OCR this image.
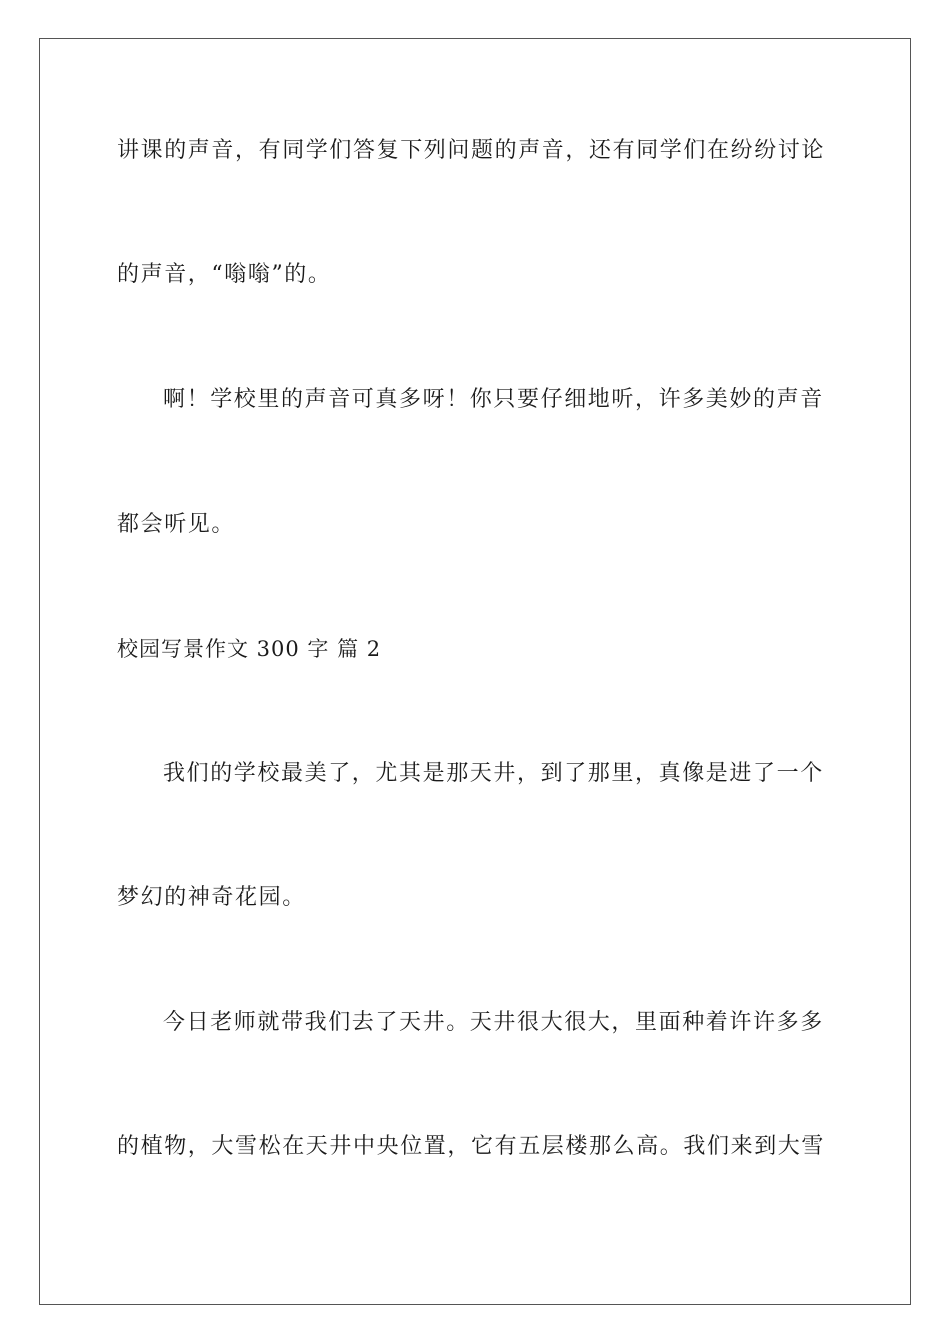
讲课的声音，有同学们答复下列问题的声音，还有同学们在纷纷讨论

的声音，“嗡嗡”的。

啊！学校里的声音可真多呀！你只要仔细地听，许多美妙的声音

都会听见。

校园写景作文 300 字 篇 2

我们的学校最美了，尤其是那天井，到了那里，真像是进了一个

梦幻的神奇花园。

今日老师就带我们去了天井。天井很大很大，里面种着许许多多

的植物，大雪松在天井中央位置，它有五层楼那么高。我们来到大雪
